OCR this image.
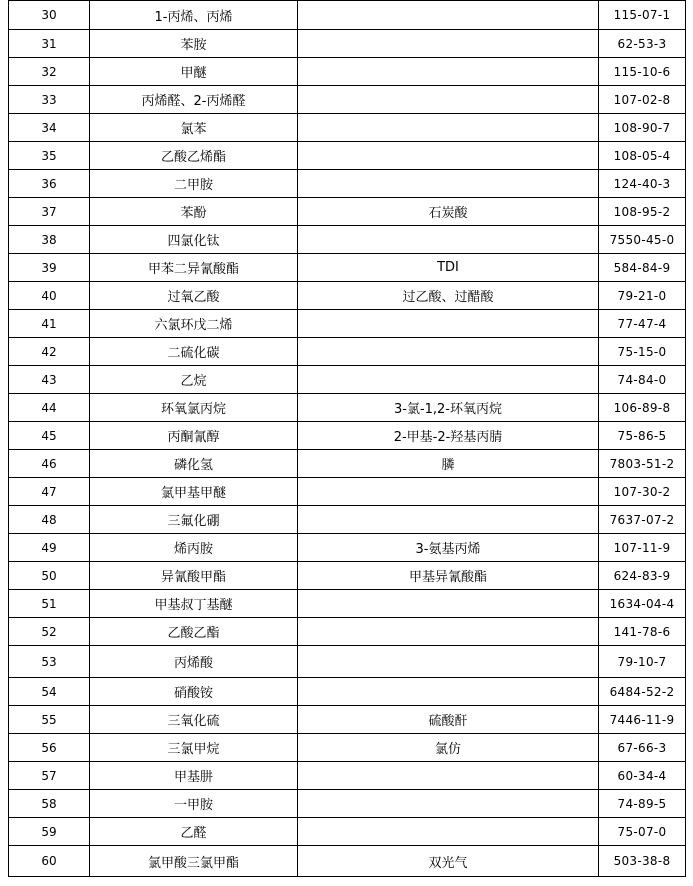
30	1-丙烯、丙烯		115-07-1
31	苯胺		62-53-3
32	甲醚		115-10-6
33	丙烯醛、2-丙烯醛		107-02-8
34	氯苯		108-90-7
35	乙酸乙烯酯		108-05-4
36	二甲胺		124-40-3
37	苯酚	石炭酸	108-95-2
38	四氯化钛		7550-45-0
39	甲苯二异氰酸酯	TDI	584-84-9
40	过氧乙酸	过乙酸、过醋酸	79-21-0
41	六氯环戊二烯		77-47-4
42	二硫化碳		75-15-0
43	乙烷		74-84-0
44	环氧氯丙烷	3-氯-1,2-环氧丙烷	106-89-8
45	丙酮氰醇	2-甲基-2-羟基丙腈	75-86-5
46	磷化氢	膦	7803-51-2
47	氯甲基甲醚		107-30-2
48	三氟化硼		7637-07-2
49	烯丙胺	3-氨基丙烯	107-11-9
50	异氰酸甲酯	甲基异氰酸酯	624-83-9
51	甲基叔丁基醚		1634-04-4
52	乙酸乙酯		141-78-6
53	丙烯酸		79-10-7
54	硝酸铵		6484-52-2
55	三氧化硫	硫酸酐	7446-11-9
56	三氯甲烷	氯仿	67-66-3
57	甲基肼		60-34-4
58	一甲胺		74-89-5
59	乙醛		75-07-0
60	氯甲酸三氯甲酯	双光气	503-38-8
